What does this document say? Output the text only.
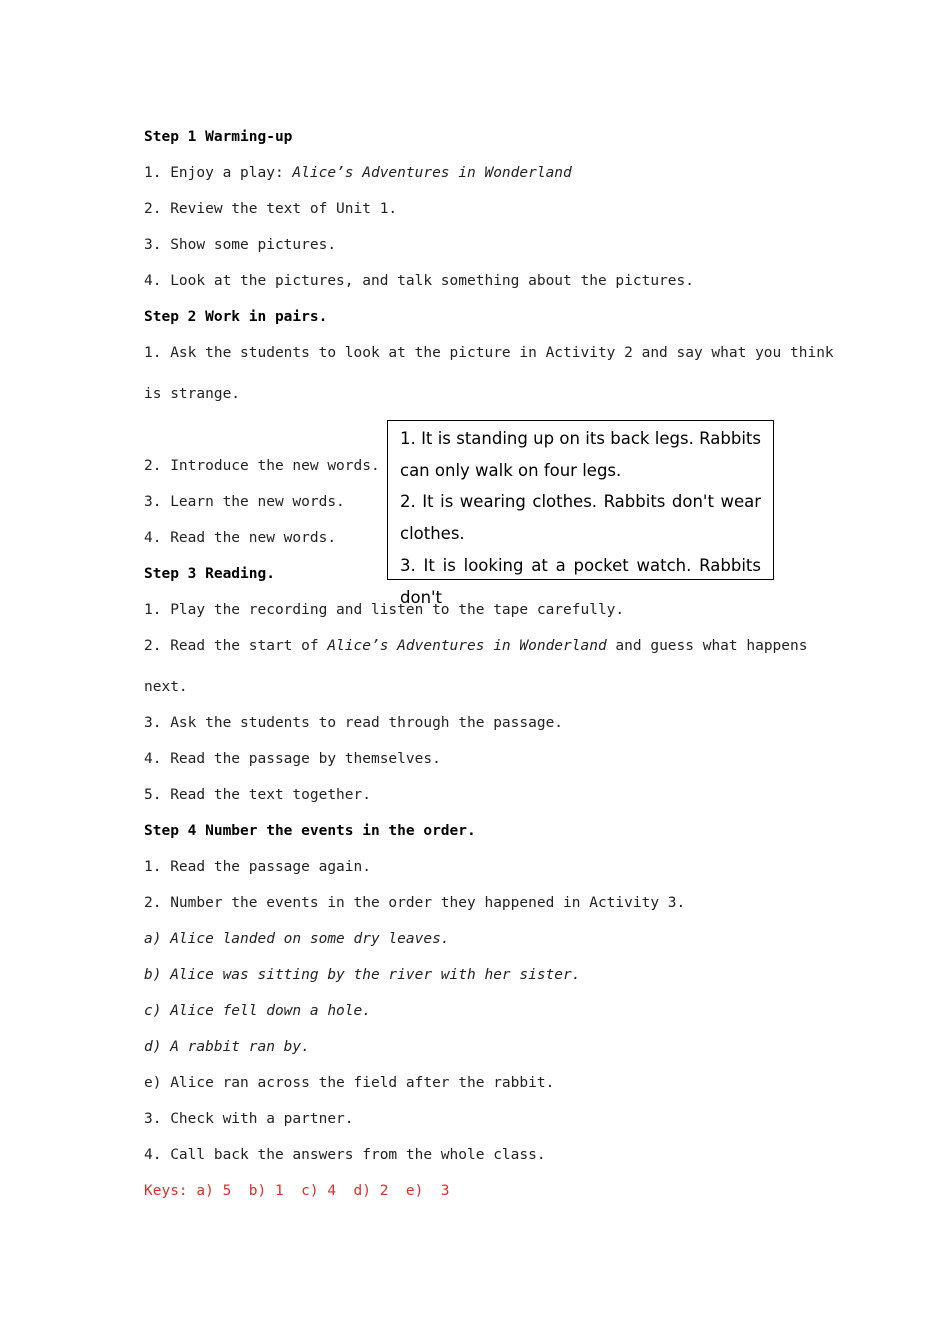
Step 1 Warming-up
1. Enjoy a play: Alice’s Adventures in Wonderland
2. Review the text of Unit 1.
3. Show some pictures.
4. Look at the pictures, and talk something about the pictures.
Step 2 Work in pairs.
1. Ask the students to look at the picture in Activity 2 and say what you think
is strange.
2. Introduce the new words.
3. Learn the new words.
4. Read the new words.

1. It is standing up on its back legs. Rabbits can only walk on four legs.

2. It is wearing clothes. Rabbits don't wear clothes.

3. It is looking at a pocket watch. Rabbits don't

Step 3 Reading.
1. Play the recording and listen to the tape carefully.
2. Read the start of Alice’s Adventures in Wonderland and guess what happens
next.
3. Ask the students to read through the passage.
4. Read the passage by themselves.
5. Read the text together.
Step 4 Number the events in the order.
1. Read the passage again.
2. Number the events in the order they happened in Activity 3.
a) Alice landed on some dry leaves.
b) Alice was sitting by the river with her sister.
c) Alice fell down a hole.
d) A rabbit ran by.
e) Alice ran across the field after the rabbit.
3. Check with a partner.
4. Call back the answers from the whole class.
Keys: a) 5  b) 1  c) 4  d) 2  e)  3
